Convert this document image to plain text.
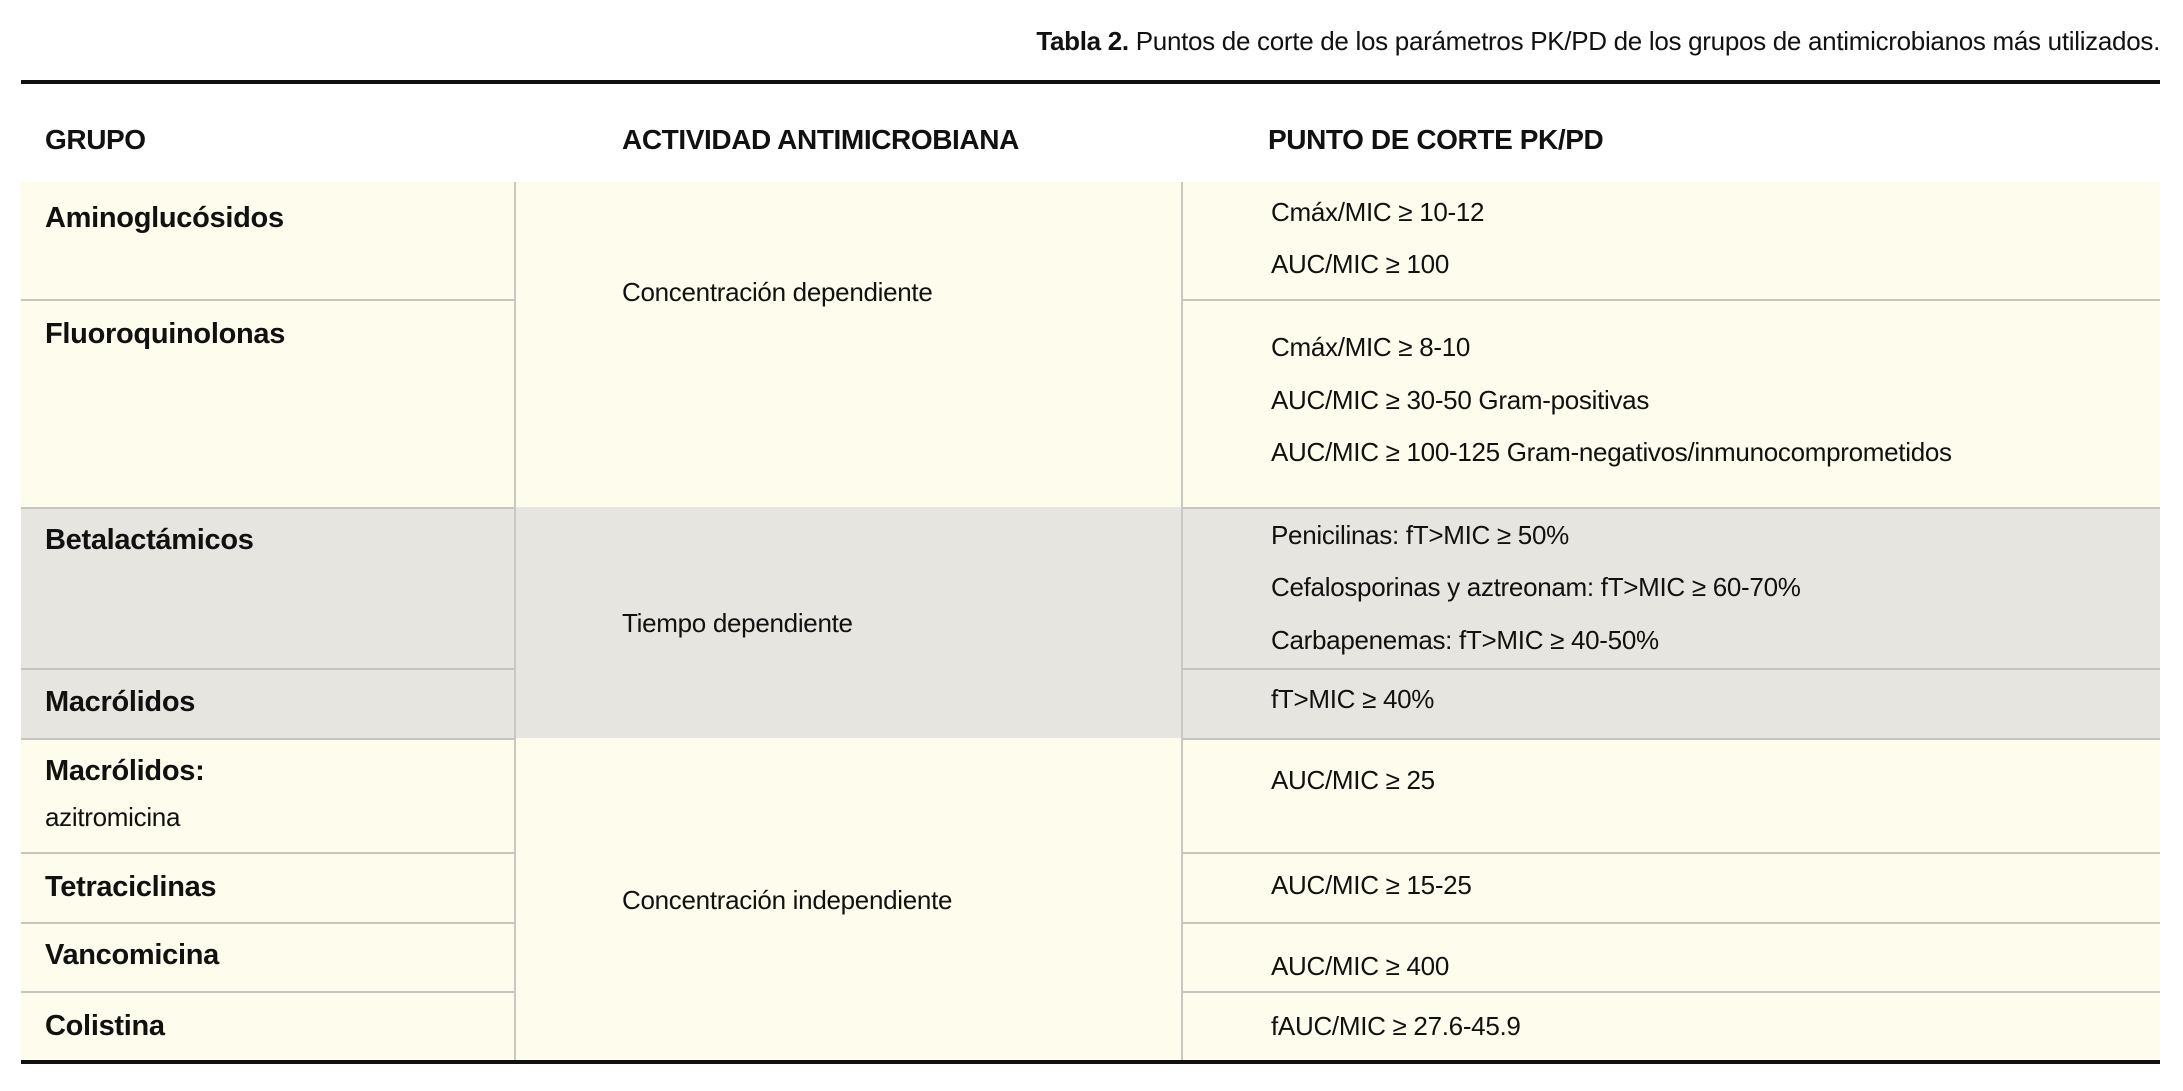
Tabla 2. Puntos de corte de los parámetros PK/PD de los grupos de antimicrobianos más utilizados.
GRUPO	ACTIVIDAD ANTIMICROBIANA	PUNTO DE CORTE PK/PD
Aminoglucósidos
Fluoroquinolonas
Betalactámicos
Macrólidos
Macrólidos:
azitromicina
Tetraciclinas
Vancomicina
Colistina
Concentración dependiente
Tiempo dependiente
Concentración independiente
Cmáx/MIC ≥ 10-12
AUC/MIC ≥ 100
Cmáx/MIC ≥ 8-10
AUC/MIC ≥ 30-50 Gram-positivas
AUC/MIC ≥ 100-125 Gram-negativos/inmunocomprometidos
Penicilinas: fT>MIC ≥ 50%
Cefalosporinas y aztreonam: fT>MIC ≥ 60-70%
Carbapenemas: fT>MIC ≥ 40-50%
fT>MIC ≥ 40%
AUC/MIC ≥ 25
AUC/MIC ≥ 15-25
AUC/MIC ≥ 400
fAUC/MIC ≥ 27.6-45.9
